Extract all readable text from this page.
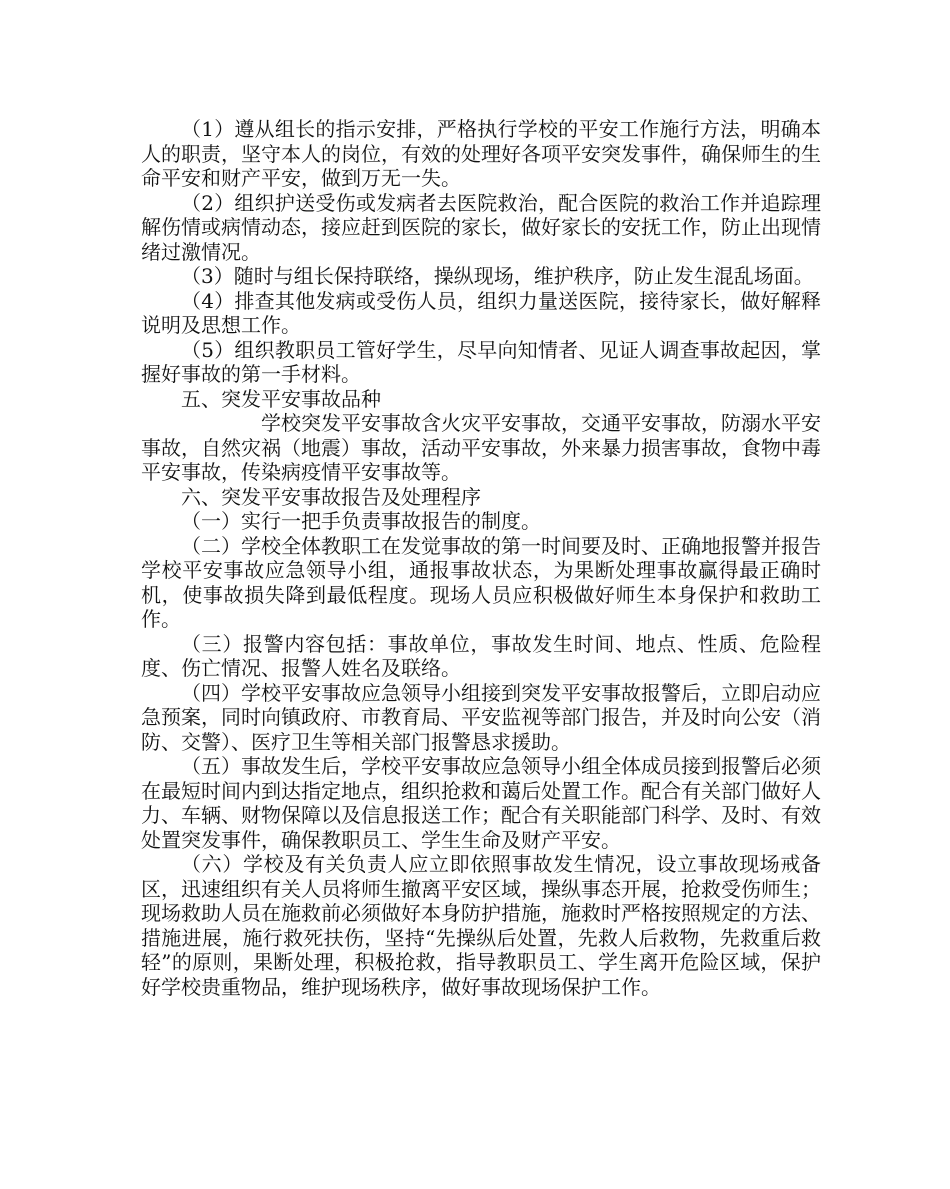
（1）遵从组长的指示安排，严格执行学校的平安工作施行方法，明确本人的职责，坚守本人的岗位，有效的处理好各项平安突发事件，确保师生的生命平安和财产平安，做到万无一失。

（2）组织护送受伤或发病者去医院救治，配合医院的救治工作并追踪理解伤情或病情动态，接应赶到医院的家长，做好家长的安抚工作，防止出现情绪过激情况。

（3）随时与组长保持联络，操纵现场，维护秩序，防止发生混乱场面。

（4）排查其他发病或受伤人员，组织力量送医院，接待家长，做好解释说明及思想工作。

（5）组织教职员工管好学生，尽早向知情者、见证人调查事故起因，掌握好事故的第一手材料。

五、突发平安事故品种

学校突发平安事故含火灾平安事故，交通平安事故，防溺水平安事故，自然灾祸（地震）事故，活动平安事故，外来暴力损害事故，食物中毒平安事故，传染病疫情平安事故等。

六、突发平安事故报告及处理程序

（一）实行一把手负责事故报告的制度。

（二）学校全体教职工在发觉事故的第一时间要及时、正确地报警并报告学校平安事故应急领导小组，通报事故状态，为果断处理事故赢得最正确时机，使事故损失降到最低程度。现场人员应积极做好师生本身保护和救助工作。

（三）报警内容包括：事故单位，事故发生时间、地点、性质、危险程度、伤亡情况、报警人姓名及联络。

（四）学校平安事故应急领导小组接到突发平安事故报警后，立即启动应急预案，同时向镇政府、市教育局、平安监视等部门报告，并及时向公安（消防、交警）、医疗卫生等相关部门报警恳求援助。

（五）事故发生后，学校平安事故应急领导小组全体成员接到报警后必须在最短时间内到达指定地点，组织抢救和蔼后处置工作。配合有关部门做好人力、车辆、财物保障以及信息报送工作；配合有关职能部门科学、及时、有效处置突发事件，确保教职员工、学生生命及财产平安。

（六）学校及有关负责人应立即依照事故发生情况，设立事故现场戒备区，迅速组织有关人员将师生撤离平安区域，操纵事态开展，抢救受伤师生；现场救助人员在施救前必须做好本身防护措施，施救时严格按照规定的方法、措施进展，施行救死扶伤，坚持“先操纵后处置，先救人后救物，先救重后救轻”的原则，果断处理，积极抢救，指导教职员工、学生离开危险区域，保护好学校贵重物品，维护现场秩序，做好事故现场保护工作。
